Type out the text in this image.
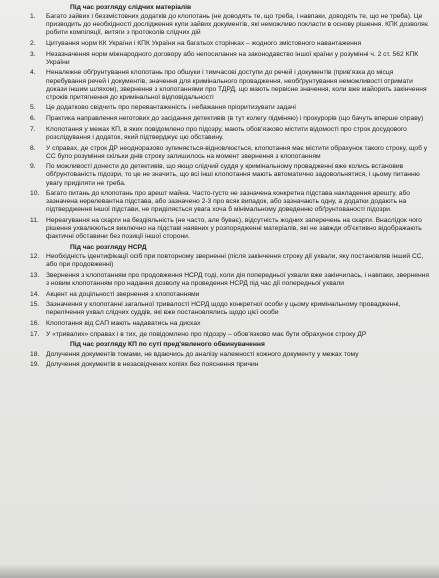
Під час розгляду слідчих матеріалів
1. Багато зайвих і беззмістовних додатків до клопотань (не доводять те, що треба, і навпаки, доводять те, що не треба). Це призводить до необхідності дослідження купи зайвих документів, які неможливо покласти в основу рішення. КПК дозволяє робити компіляції, витяги з протоколів слідчих дій
2. Цитування норм КК України і КПК України на багатьох сторінках – жодного змістовного навантаження
3. Незазначення норм міжнародного договору або непосилання на законодавство іншої країни у розумінні ч. 2 ст. 562 КПК України
4. Неналежне обґрунтування клопотань про обшуки і тимчасові доступи до речей і документів (прив'язка до місця перебування речей і документів, значення для кримінального провадження, необґрунтування неможливості отримати докази іншим шляхом), звернення з клопотаннями про ТДРД, що мають первісне значення, коли вже майорить закінчення строків притягнення до кримінальної відповідальності
5. Це додатково свідчить про перевантаженість і небажання пріоритизувати задачі
6. Практика направлення неготових до засідання детективів (в тут колегу підміняю) і прокурорів (що бачуть вперше справу)
7. Клопотання у межах КП, в яких повідомлено про підозру, мають обов'язково містити відомості про строк досудового розслідування і додаток, який підтверджує цю обставину.
8. У справах, де строк ДР неодноразово зупиняється-відновлюється, клопотання має містити обрахунок такого строку, щоб у СС було розуміння скільки днів строку залишилось на момент звернення з клопотанням
9. По можливості донести до детективів, що якщо слідчий суддя у кримінальному провадженні вже колись встановив обґрунтованість підозри, то це не значить, що всі інші клопотання мають автоматично задовольнятися, і цьому питанню увагу приділяти не треба.
10. Багато питань до клопотань про арешт майна. Часто-густо не зазначена конкретна підстава накладення арешту, або зазначена нерелевантна підстава, або зазначено 2-3 про всяк випадок, або зазначають одну, а додатки додають на підтвердження іншої підстави, не приділяється увага хоча б мінімальному доведенню обґрунтованості підозри.
11. Нереагування на скарги на бездіяльність (не часто, але буває), відсутність жодних заперечень на скарги. Внаслідок чого рішення ухвалюються виключно на підставі наявних у розпорядженні матеріалів, які не завжди об'єктивно відображають фактичні обставини без позиції іншої сторони.
Під час розгляду НСРД
12. Необхідність ідентифікації осіб при повторному зверненні (після закінчення строку дії ухвали, яку постановляв інший СС, або при продовженні)
13. Звернення з клопотанням про продовження НСРД тоді, коли дія попередньої ухвали вже закінчилась, і навпаки, звернення з новим клопотанням про надання дозволу на проведення НСРД під час дії попередньої ухвали
14. Акцент на доцільності звернення з клопотаннями
15. Зазначення у клопотанні загальної тривалості НСРД щодо конкретної особи у цьому кримінальному провадженні, перелічення ухвал слідчих суддів, які вже постановлялись щодо цієї особи
16. Клопотання від САП мають надаватись на дисках
17. У «тривалих» справах і в тих, де повідомлено про підозру – обов'язково має бути обрахунок строку ДР
Під час розгляду КП по суті пред'явленого обвинувачення
18. Долучення документів томами, не вдаючись до аналізу належності кожного документу у межах тому
19. Долучення документів в незасвідчених копіях без пояснення причин
